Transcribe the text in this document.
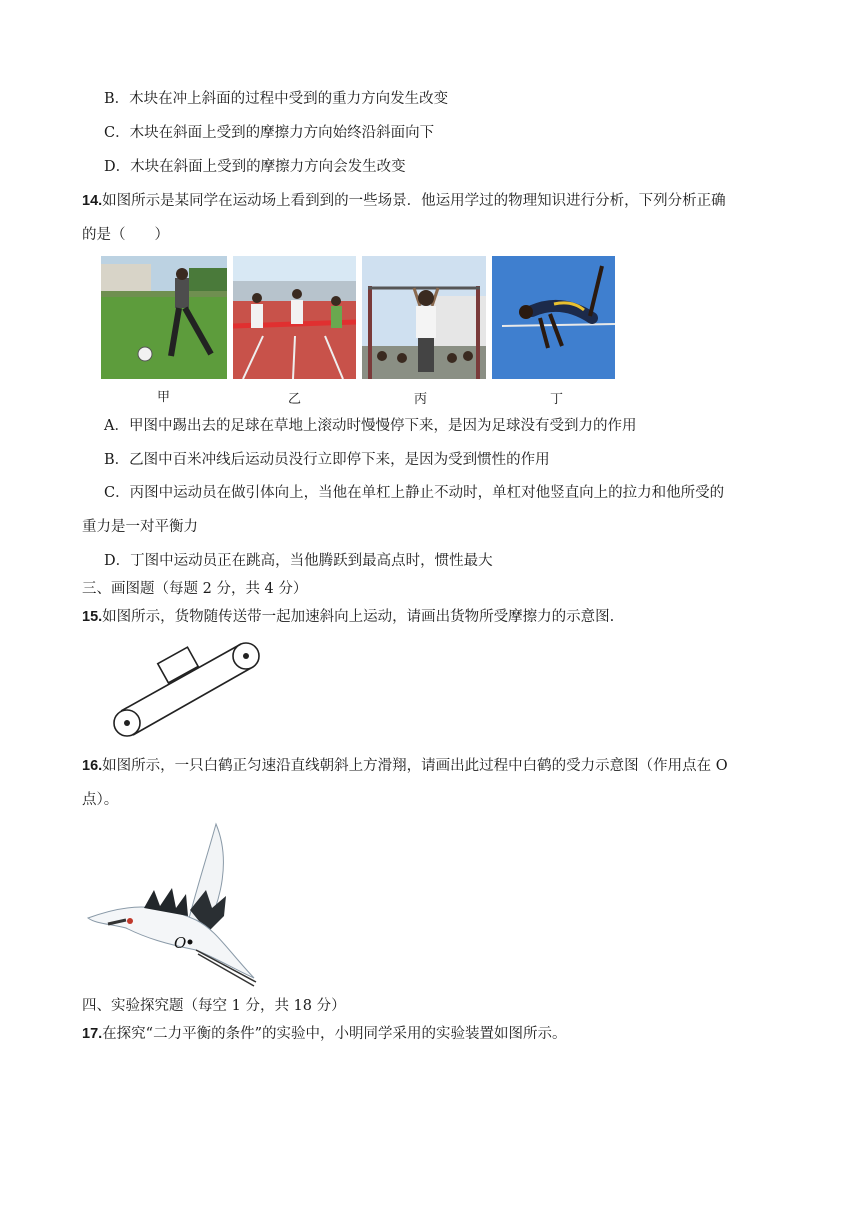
B．木块在冲上斜面的过程中受到的重力方向发生改变
C．木块在斜面上受到的摩擦力方向始终沿斜面向下
D．木块在斜面上受到的摩擦力方向会发生改变
14.如图所示是某同学在运动场上看到到的一些场景．他运用学过的物理知识进行分析，下列分析正确
的是（　　）
甲	乙	丙	丁
A．甲图中踢出去的足球在草地上滚动时慢慢停下来，是因为足球没有受到力的作用
B．乙图中百米冲线后运动员没行立即停下来，是因为受到惯性的作用
C．丙图中运动员在做引体向上，当他在单杠上静止不动时，单杠对他竖直向上的拉力和他所受的
重力是一对平衡力
D．丁图中运动员正在跳高，当他腾跃到最高点时，惯性最大
三、画图题（每题 2 分，共 4 分）
15.如图所示，货物随传送带一起加速斜向上运动，请画出货物所受摩擦力的示意图.
16.如图所示，一只白鹤正匀速沿直线朝斜上方滑翔，请画出此过程中白鹤的受力示意图（作用点在 O
点）。
O
四、实验探究题（每空 1 分，共 18 分）
17.在探究“二力平衡的条件”的实验中，小明同学采用的实验装置如图所示。
